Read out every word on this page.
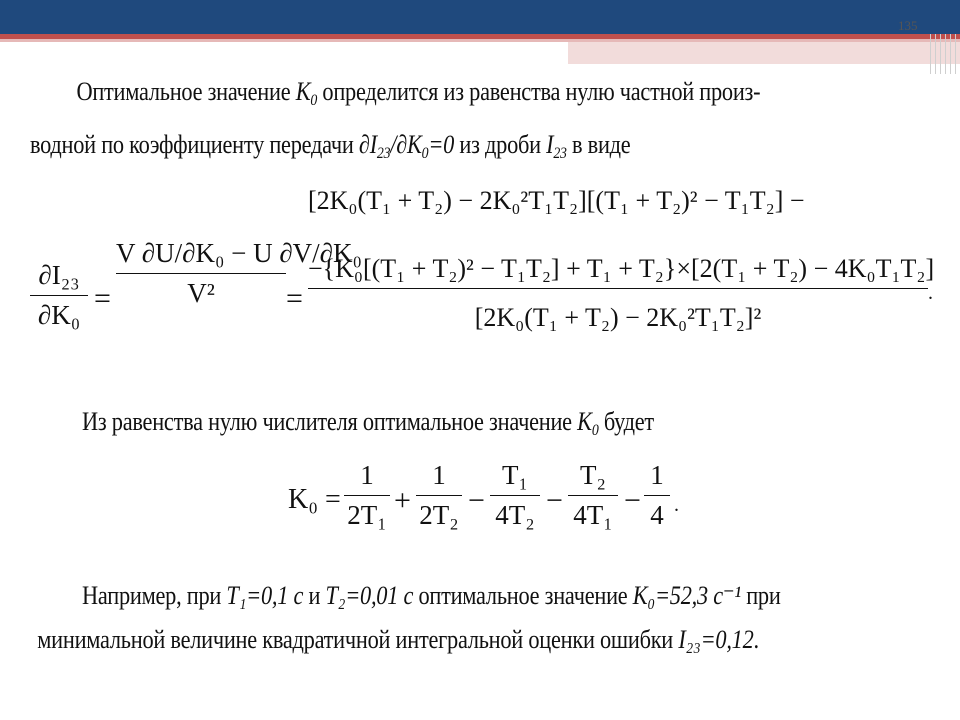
135
Оптимальное значение $K_0$ определится из равенства нулю частной произ-
водной по коэффициенту передачи $\partial I_{23}/\partial K_0=0$ из дроби $I_{23}$ в виде
∂I₂₃
∂K₀ =
V ∂U/∂K₀ − U ∂V/∂K₀
V²	=
[2K₀(T₁ + T₂) − 2K₀²T₁T₂][(T₁ + T₂)² − T₁T₂] −
−{K₀[(T₁ + T₂)² − T₁T₂] + T₁ + T₂}×[2(T₁ + T₂) − 4K₀T₁T₂]
[2K₀(T₁ + T₂) − 2K₀²T₁T₂]²
.
Из равенства нулю числителя оптимальное значение $K_0$ будет
K₀ =
1
2T₁ +
1
2T₂ −
T₁
4T₂ −
T₂
4T₁ −
1
4 .
Например, при T₁=0,1 с и T₂=0,01 с оптимальное значение K₀=52,3 с⁻¹ при
минимальной величине квадратичной интегральной оценки ошибки I₂₃=0,12.
